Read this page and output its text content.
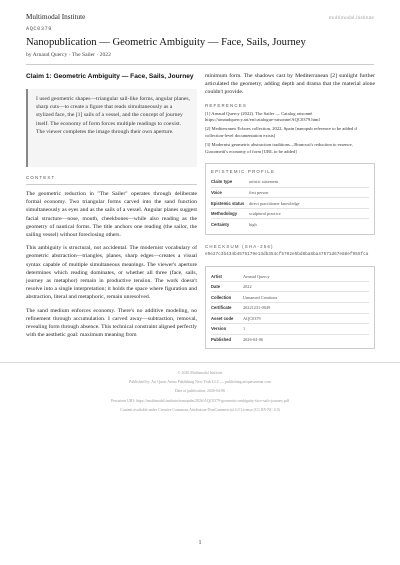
Multimodal Institute	multimodal.institute
AQC0379
Nanopublication — Geometric Ambiguity — Face, Sails, Journey
by Arnaud Quercy · The Sailer · 2022
Claim 1: Geometric Ambiguity — Face, Sails, Journey
I used geometric shapes—triangular sail-like forms, angular planes, sharp cuts—to create a figure that reads simultaneously as a stylized face, the [1] sails of a vessel, and the concept of journey itself. The economy of form forces multiple readings to coexist. The viewer completes the image through their own aperture.
CONTEXT

The geometric reduction in "The Sailer" operates through deliberate formal economy. Two triangular forms carved into the sand function simultaneously as eyes and as the sails of a vessel. Angular planes suggest facial structure—nose, mouth, cheekbones—while also reading as the geometry of nautical forms. The title anchors one reading (the sailor, the sailing vessel) without foreclosing others.

This ambiguity is structural, not accidental. The modernist vocabulary of geometric abstraction—triangles, planes, sharp edges—creates a visual syntax capable of multiple simultaneous meanings. The viewer's aperture determines which reading dominates, or whether all three (face, sails, journey as metaphor) remain in productive tension. The work doesn't resolve into a single interpretation; it holds the space where figuration and abstraction, literal and metaphoric, remain unresolved.

The sand medium enforces economy. There's no additive modeling, no refinement through accumulation. I carved away—subtraction, removal, revealing form through absence. This technical constraint aligned perfectly with the aesthetic goal: maximum meaning from

minimum form. The shadows cast by Mediterranean [2] sunlight further articulated the geometry, adding depth and drama that the material alone couldn't provide.

REFERENCES
[1] Arnaud Quercy (2022). The Sailer — Catalog raisonné https://arnaudquercy.art/en/catalogue-raisonne/AQC0379.html
[2] Mediterraneo Echoes collection, 2022, Spain [nanopub reference to be added if collection-level documentation exists]
[3] Modernist geometric abstraction traditions—Brancusi's reduction to essence, Giacometti's economy of form [URL to be added]
EPISTEMIC PROFILE
Claim type	artistic statement
Voice	first person
Epistemic status	direct practitioner knowledge
Methodology	sculptural practice
Certainty	high
CHECKSUM (SHA-256)
e9e27c3b434b4575179e13db354cf5702e5bd8ba8ba47671d67e88ef955fca
Artist	Arnaud Quercy
Date	2022
Collection	Unnamed Creations
Certificate	20221231-0049
Asset code	AQC0379
Version	1
Published	2026-04-06
© 2026 Multimodal Institute
Published by: Art Quest Arena Publishing New York LLC — publishing.artquestarena.com
Date of publication: 2026-04-06
Persistent URI: https://multimodal.institute/nanopubs/2026/AQC0379-geometric-ambiguity-face-sails-journey.pdf
Content available under Creative Commons Attribution-NonCommercial 4.0 License (CC BY-NC 4.0)
1
